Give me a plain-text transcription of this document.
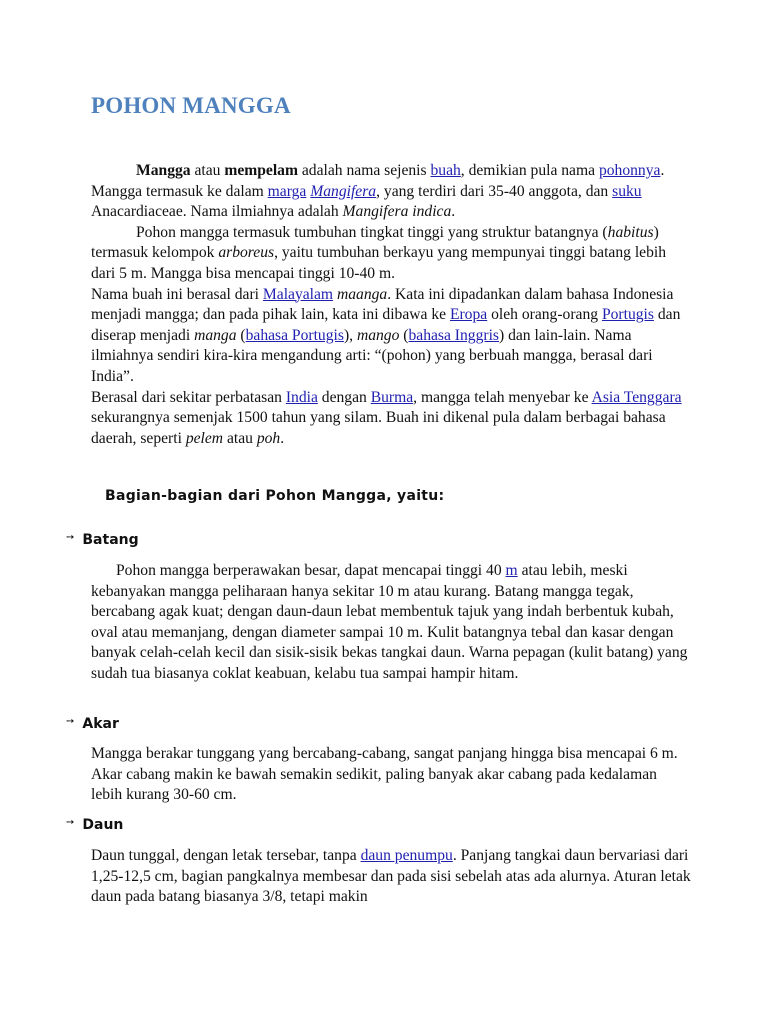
POHON MANGGA

Mangga atau mempelam adalah nama sejenis buah, demikian pula nama pohonnya. Mangga termasuk ke dalam marga Mangifera, yang terdiri dari 35-40 anggota, dan suku Anacardiaceae. Nama ilmiahnya adalah Mangifera indica.

Pohon mangga termasuk tumbuhan tingkat tinggi yang struktur batangnya (habitus) termasuk kelompok arboreus, yaitu tumbuhan berkayu yang mempunyai tinggi batang lebih dari 5 m. Mangga bisa mencapai tinggi 10-40 m.

Nama buah ini berasal dari Malayalam maanga. Kata ini dipadankan dalam bahasa Indonesia menjadi mangga; dan pada pihak lain, kata ini dibawa ke Eropa oleh orang-orang Portugis dan diserap menjadi manga (bahasa Portugis), mango (bahasa Inggris) dan lain-lain. Nama ilmiahnya sendiri kira-kira mengandung arti: “(pohon) yang berbuah mangga, berasal dari India”.

Berasal dari sekitar perbatasan India dengan Burma, mangga telah menyebar ke Asia Tenggara sekurangnya semenjak 1500 tahun yang silam. Buah ini dikenal pula dalam berbagai bahasa daerah, seperti pelem atau poh.

Bagian-bagian dari Pohon Mangga, yaitu:
➙ Batang

Pohon mangga berperawakan besar, dapat mencapai tinggi 40 m atau lebih, meski kebanyakan mangga peliharaan hanya sekitar 10 m atau kurang. Batang mangga tegak, bercabang agak kuat; dengan daun-daun lebat membentuk tajuk yang indah berbentuk kubah, oval atau memanjang, dengan diameter sampai 10 m. Kulit batangnya tebal dan kasar dengan banyak celah-celah kecil dan sisik-sisik bekas tangkai daun. Warna pepagan (kulit batang) yang sudah tua biasanya coklat keabuan, kelabu tua sampai hampir hitam.

➙ Akar

Mangga berakar tunggang yang bercabang-cabang, sangat panjang hingga bisa mencapai 6 m. Akar cabang makin ke bawah semakin sedikit, paling banyak akar cabang pada kedalaman lebih kurang 30-60 cm.

➙ Daun

Daun tunggal, dengan letak tersebar, tanpa daun penumpu. Panjang tangkai daun bervariasi dari 1,25-12,5 cm, bagian pangkalnya membesar dan pada sisi sebelah atas ada alurnya. Aturan letak daun pada batang biasanya 3/8, tetapi makin
